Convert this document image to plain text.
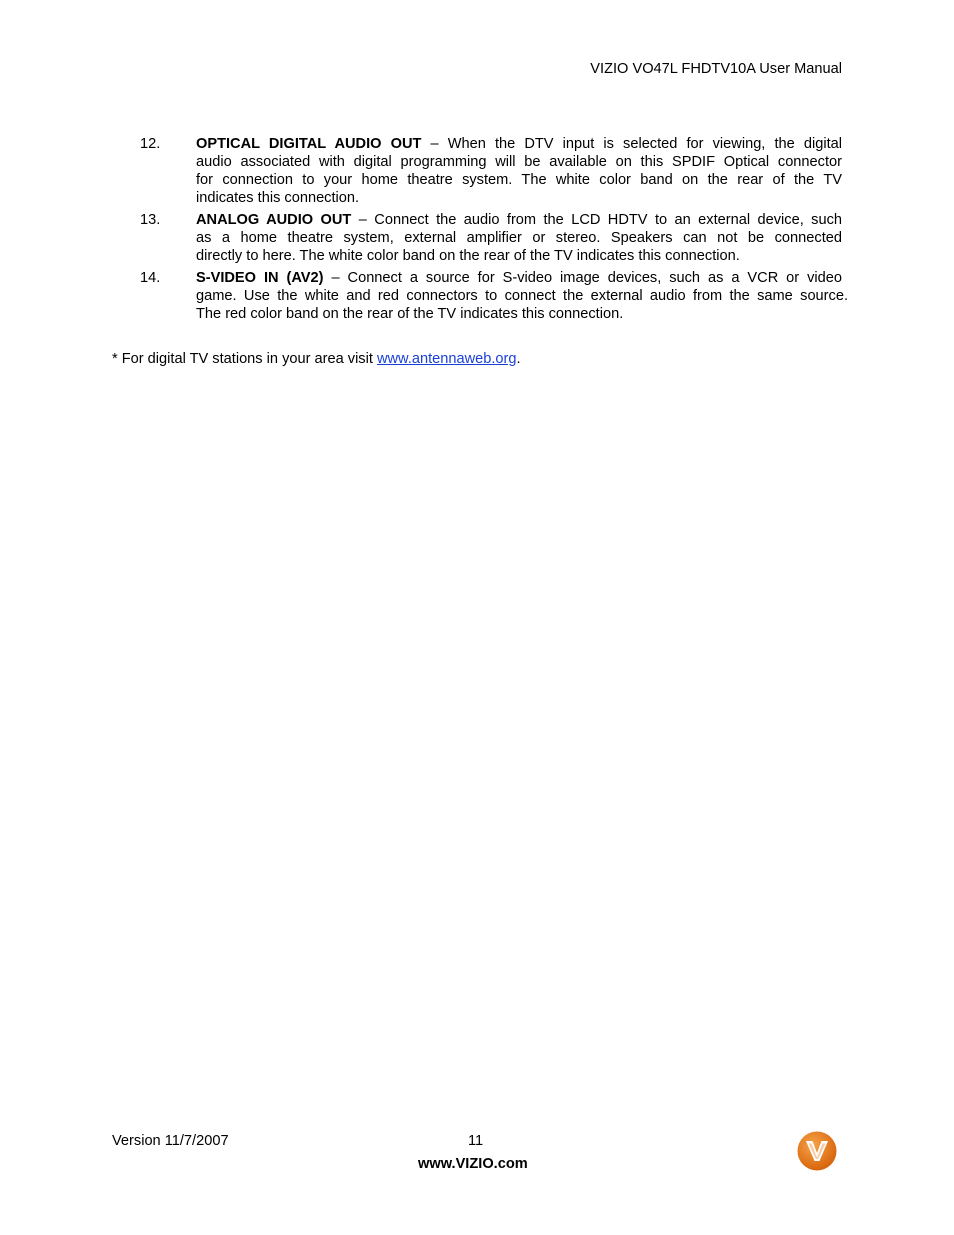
VIZIO VO47L FHDTV10A User Manual
12. OPTICAL DIGITAL AUDIO OUT – When the DTV input is selected for viewing, the digital
audio associated with digital programming will be available on this SPDIF Optical connector
for connection to your home theatre system. The white color band on the rear of the TV
indicates this connection.
13. ANALOG AUDIO OUT – Connect the audio from the LCD HDTV to an external device, such
as a home theatre system, external amplifier or stereo. Speakers can not be connected
directly to here. The white color band on the rear of the TV indicates this connection.
14. S-VIDEO IN (AV2) – Connect a source for S-video image devices, such as a VCR or video
game. Use the white and red connectors to connect the external audio from the same source.
The red color band on the rear of the TV indicates this connection.
* For digital TV stations in your area visit www.antennaweb.org.
Version 11/7/2007	11
www.VIZIO.com
